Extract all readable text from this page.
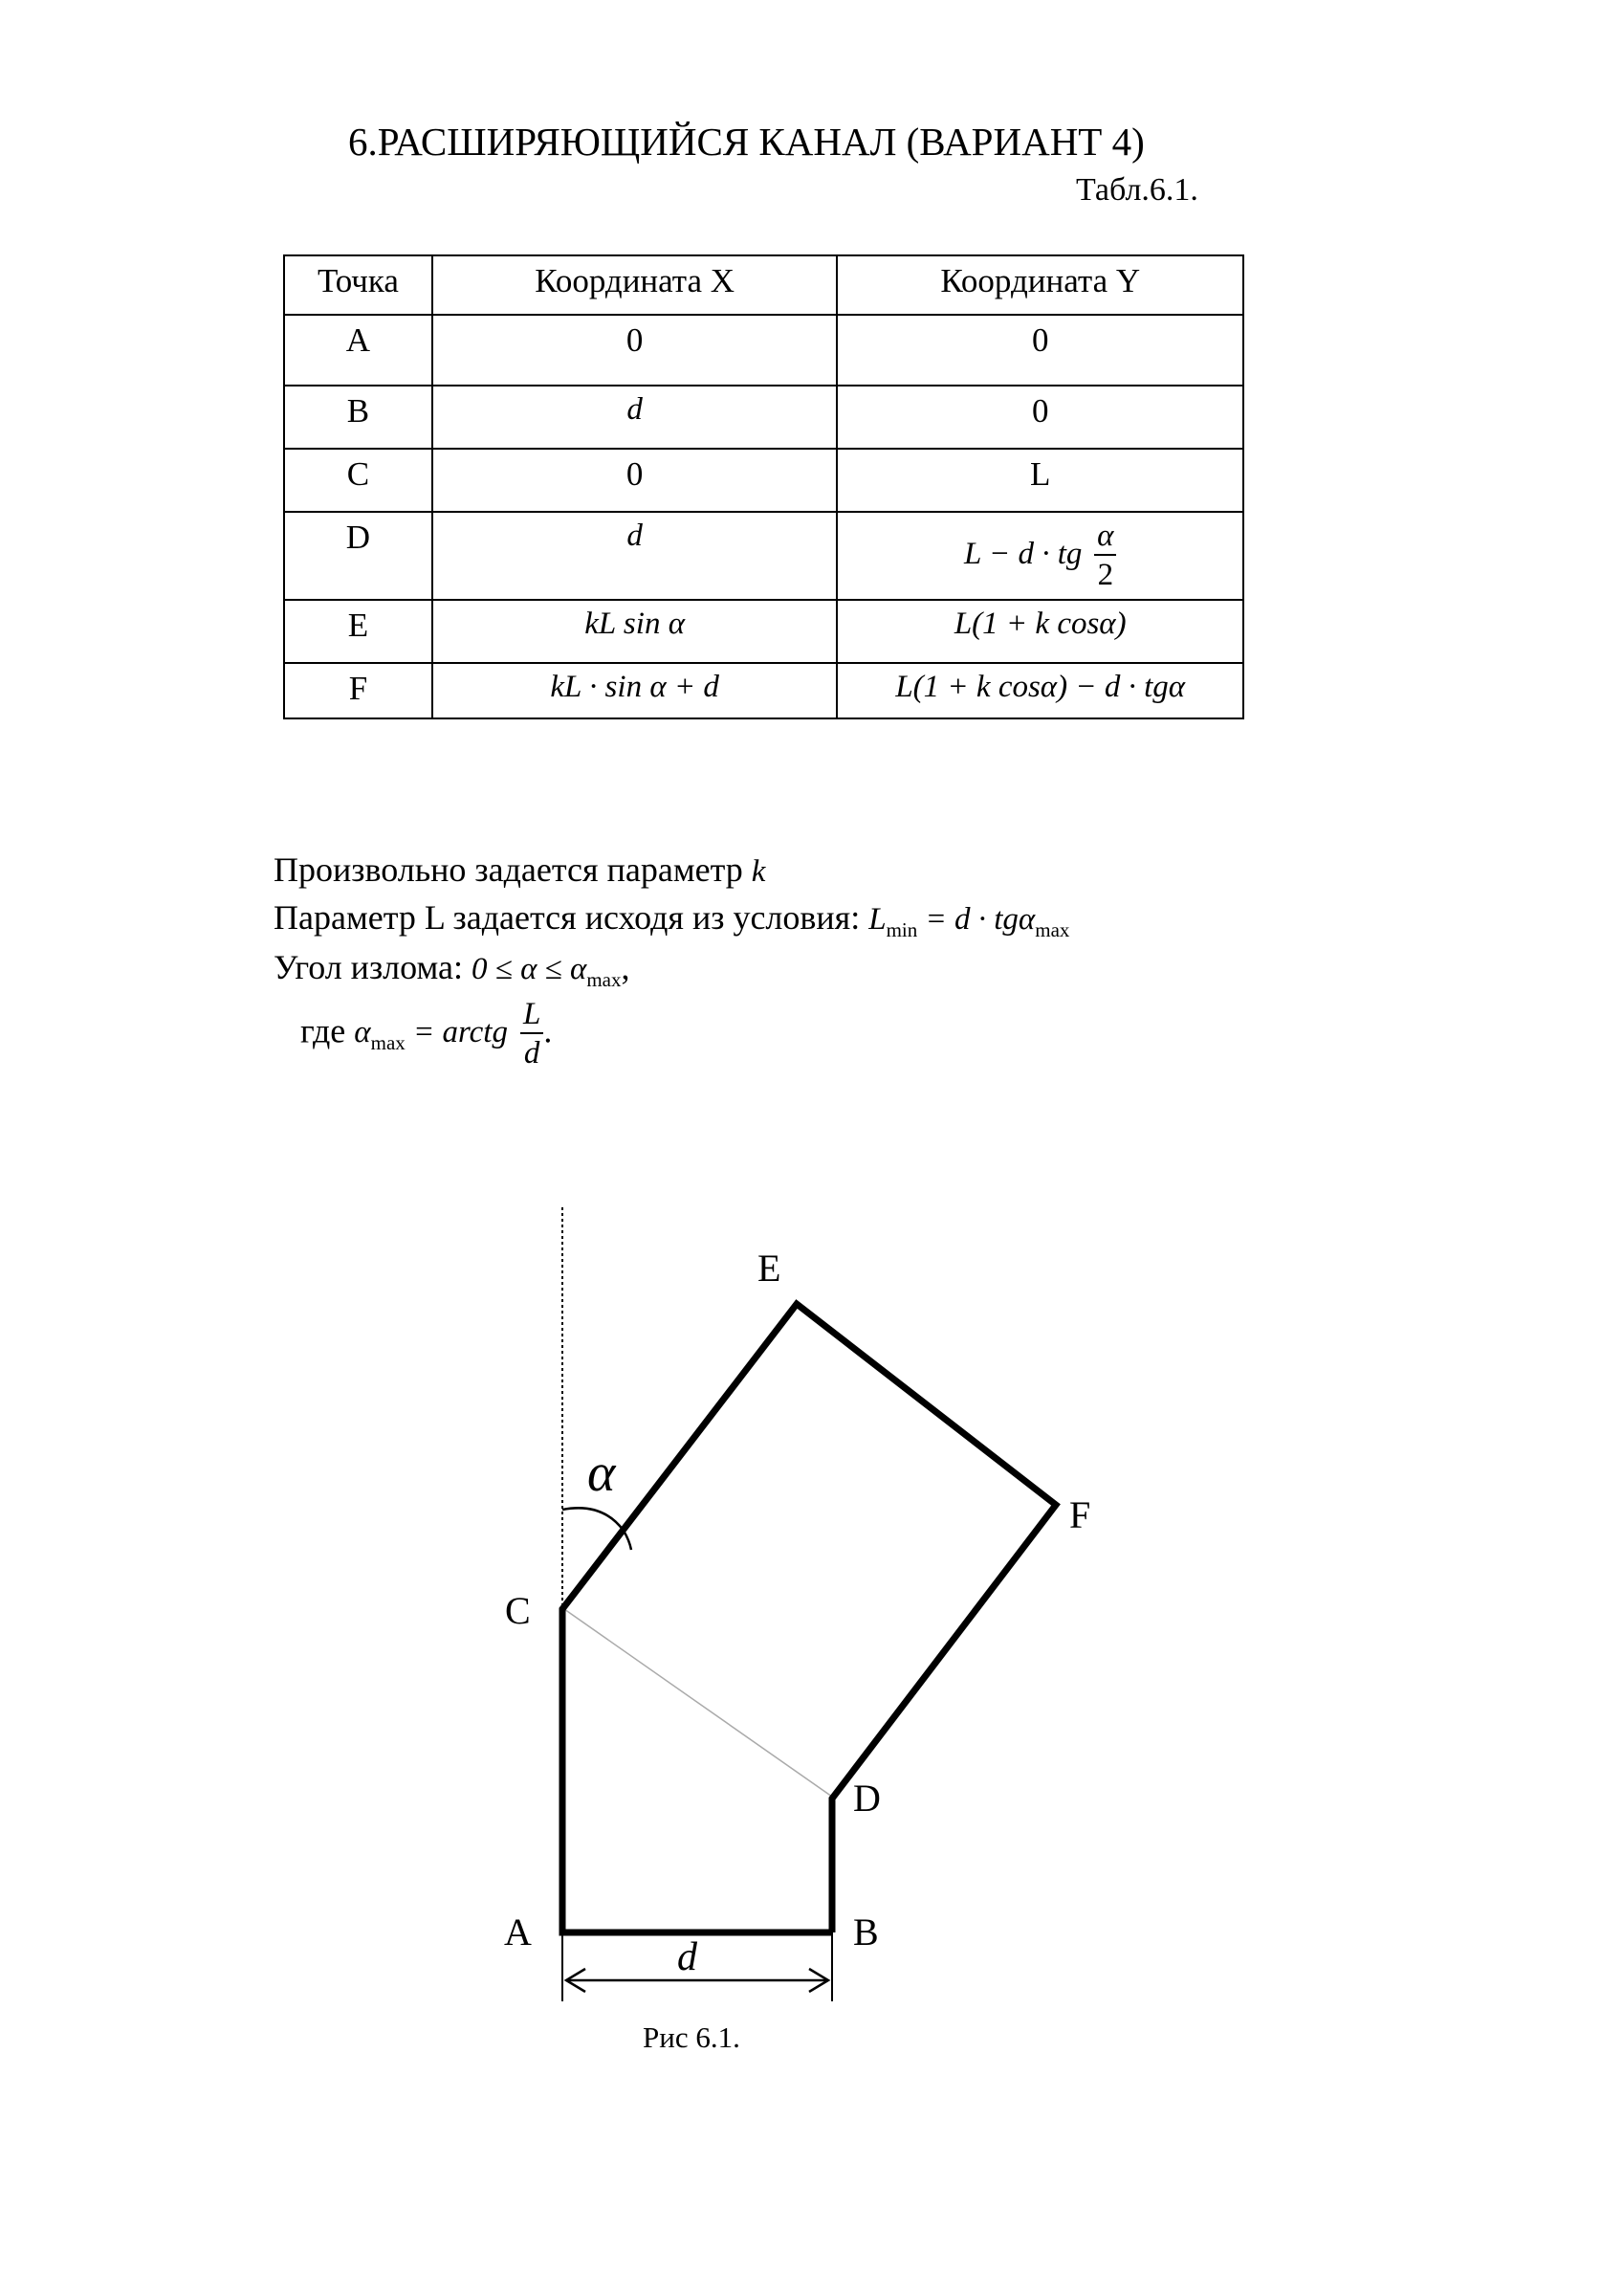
6.РАСШИРЯЮЩИЙСЯ КАНАЛ (ВАРИАНТ 4)
Табл.6.1.
Точка	Координата X	Координата Y
A	0	0
B	d	0
C	0	L
D	d	L − d · tg $\frac{\alpha}{2}$

E	kL sin α	L(1 + k cosα)
F	kL · sin α + d	L(1 + k cosα) − d · tgα
Произвольно задается параметр k
Параметр L задается исходя из условия: $L_{min} = d \cdot tg\alpha_{max}$
Угол излома: $0 \le \alpha \le \alpha_{max}$,
где $\alpha_{max}$ = arctg $\frac{L}{d}$ .
A	B
C
D
E
F
α
d
Рис 6.1.
